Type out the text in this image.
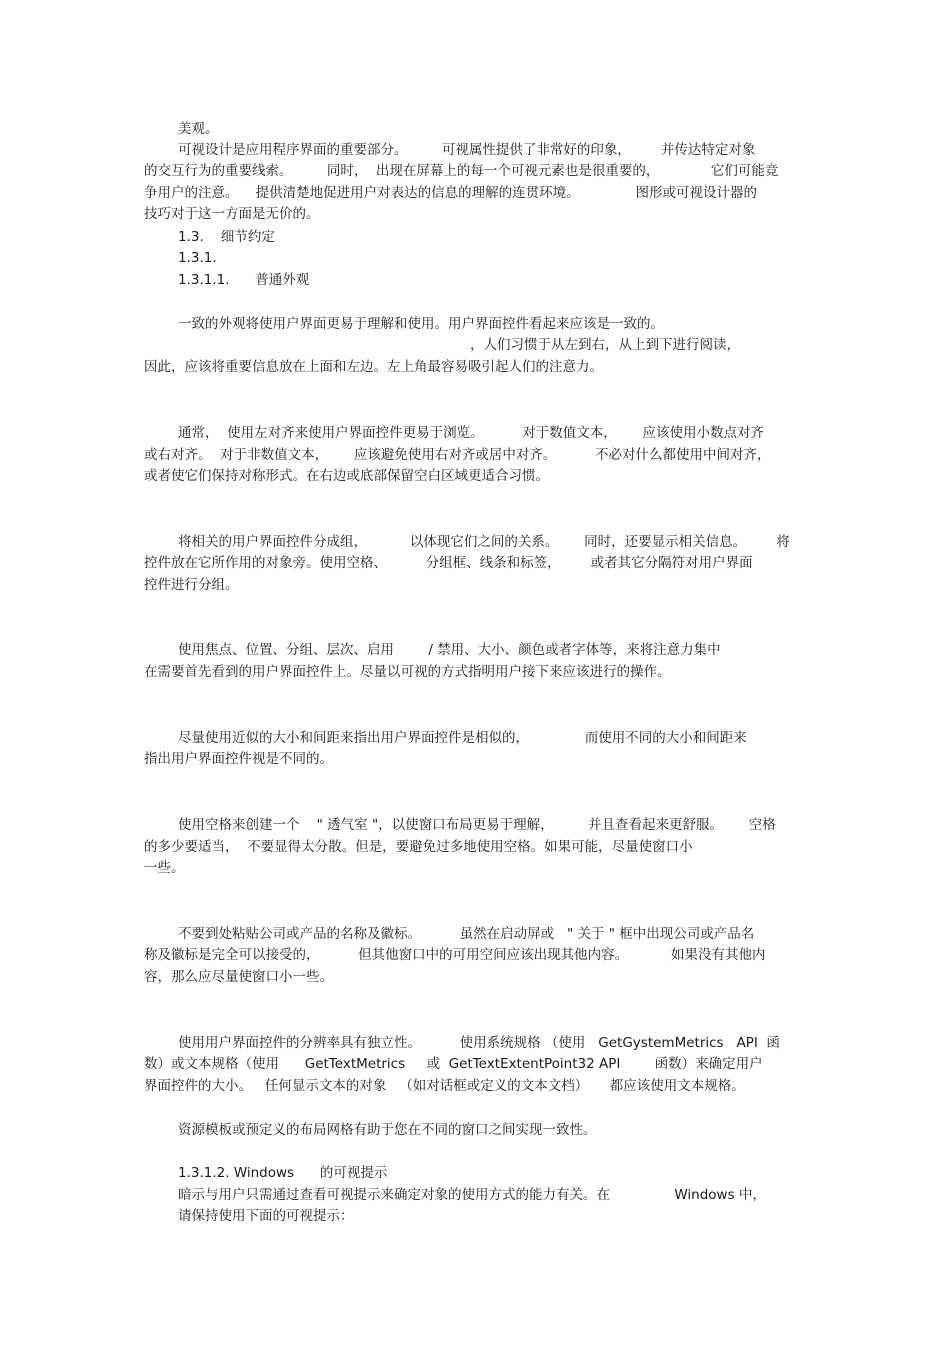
美观。
可视设计是应用程序界面的重要部分。        可视属性提供了非常好的印象，       并传达特定对象
的交互行为的重要线索。        同时，  出现在屏幕上的每一个可视元素也是很重要的，            它们可能竞
争用户的注意。    提供清楚地促进用户对表达的信息的理解的连贯环境。             图形或可视设计器的
技巧对于这一方面是无价的。
1.3.    细节约定
1.3.1.
1.3.1.1.      普通外观
一致的外观将使用户界面更易于理解和使用。用户界面控件看起来应该是一致的。
，人们习惯于从左到右，从上到下进行阅读，
因此，应该将重要信息放在上面和左边。左上角最容易吸引起人们的注意力。
通常，  使用左对齐来使用户界面控件更易于浏览。         对于数值文本，      应该使用小数点对齐
或右对齐。  对于非数值文本，      应该避免使用右对齐或居中对齐。         不必对什么都使用中间对齐，
或者使它们保持对称形式。在右边或底部保留空白区域更适合习惯。
将相关的用户界面控件分成组，          以体现它们之间的关系。      同时，还要显示相关信息。       将
控件放在它所作用的对象旁。使用空格、         分组框、线条和标签，       或者其它分隔符对用户界面
控件进行分组。
使用焦点、位置、分组、层次、启用        / 禁用、大小、颜色或者字体等，来将注意力集中
在需要首先看到的用户界面控件上。尽量以可视的方式指明用户接下来应该进行的操作。
尽量使用近似的大小和间距来指出用户界面控件是相似的，             而使用不同的大小和间距来
指出用户界面控件视是不同的。
使用空格来创建一个    " 透气室 "，以使窗口布局更易于理解，        并且查看起来更舒服。      空格
的多少要适当，  不要显得太分散。但是，要避免过多地使用空格。如果可能，尽量使窗口小
一些。
不要到处粘贴公司或产品的名称及徽标。         虽然在启动屏或   " 关于 " 框中出现公司或产品名
称及徽标是完全可以接受的，         但其他窗口中的可用空间应该出现其他内容。          如果没有其他内
容，那么应尽量使窗口小一些。
使用用户界面控件的分辨率具有独立性。         使用系统规格 （使用   GetGystemMetrics   API  函
数）或文本规格（使用      GetTextMetrics     或  GetTextExtentPoint32 API        函数）来确定用户
界面控件的大小。   任何显示文本的对象   （如对话框或定义的文本文档）     都应该使用文本规格。
资源模板或预定义的布局网格有助于您在不同的窗口之间实现一致性。
1.3.1.2. Windows      的可视提示
暗示与用户只需通过查看可视提示来确定对象的使用方式的能力有关。在               Windows 中，
请保持使用下面的可视提示：
